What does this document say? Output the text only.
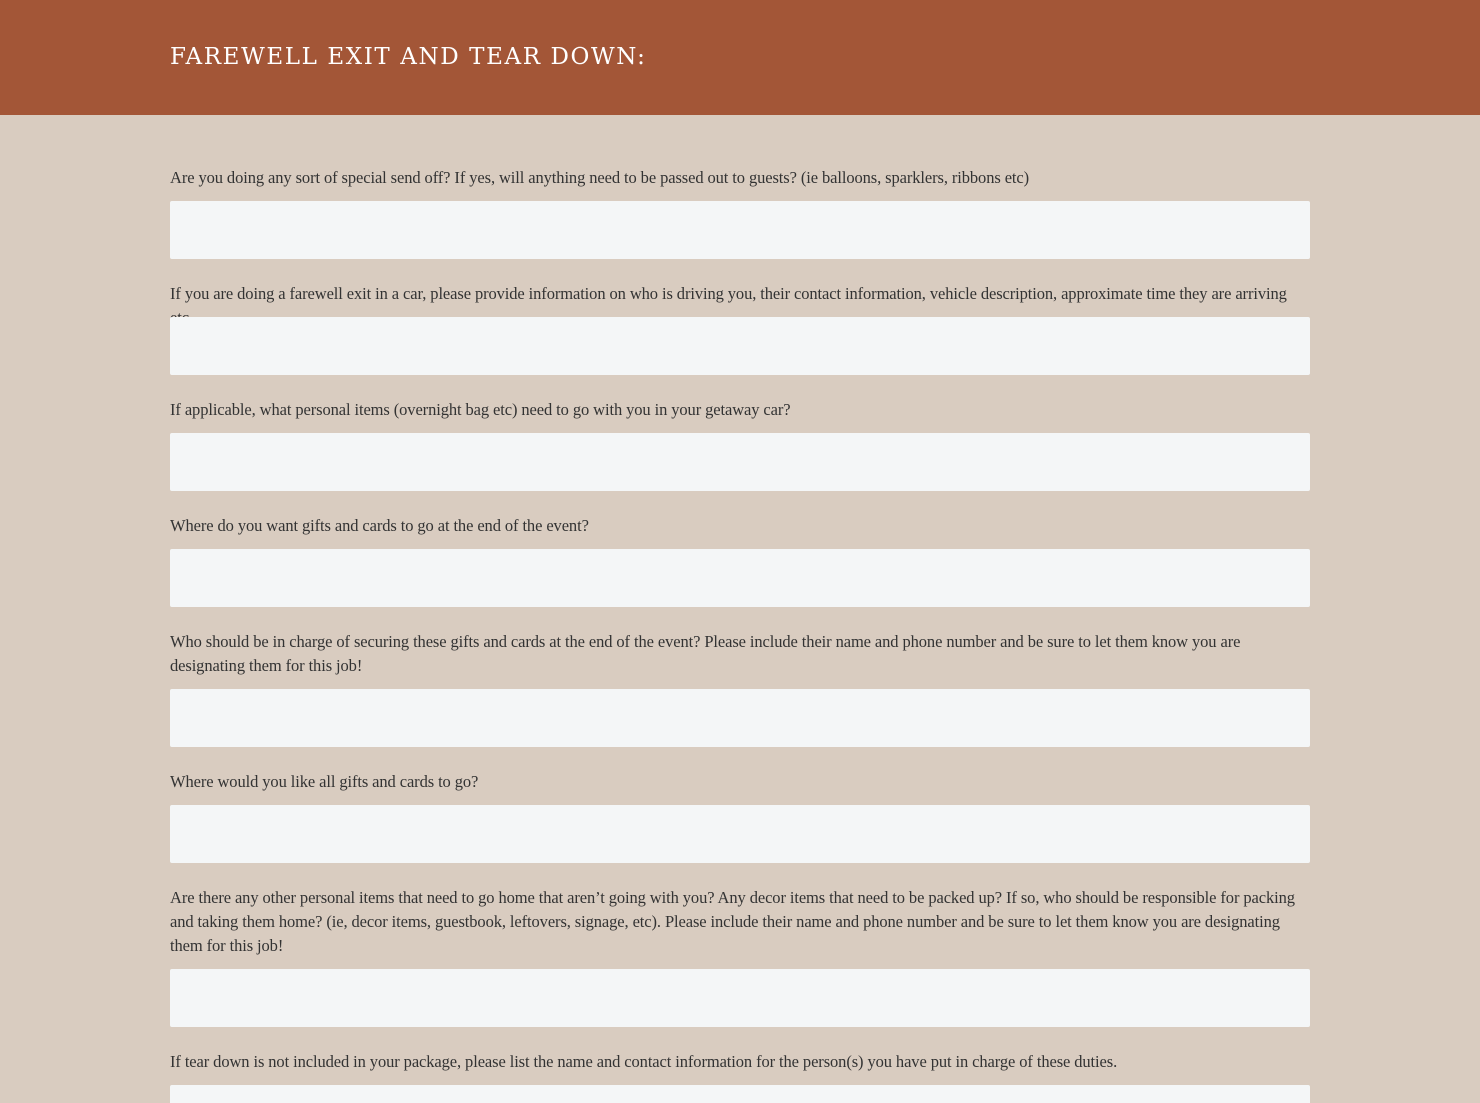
FAREWELL EXIT AND TEAR DOWN:
Are you doing any sort of special send off? If yes, will anything need to be passed out to guests? (ie balloons, sparklers, ribbons etc)
If you are doing a farewell exit in a car, please provide information on who is driving you, their contact information, vehicle description, approximate time they are arriving
If applicable, what personal items (overnight bag etc) need to go with you in your getaway car?
Where do you want gifts and cards to go at the end of the event?
Who should be in charge of securing these gifts and cards at the end of the event? Please include their name and phone number and be sure to let them know you are designating them for this job!
Where would you like all gifts and cards to go?
Are there any other personal items that need to go home that aren’t going with you? Any decor items that need to be packed up? If so, who should be responsible for packing and taking them home? (ie, decor items, guestbook, leftovers, signage, etc). Please include their name and phone number and be sure to let them know you are designating them for this job!
If tear down is not included in your package, please list the name and contact information for the person(s) you have put in charge of these duties.
